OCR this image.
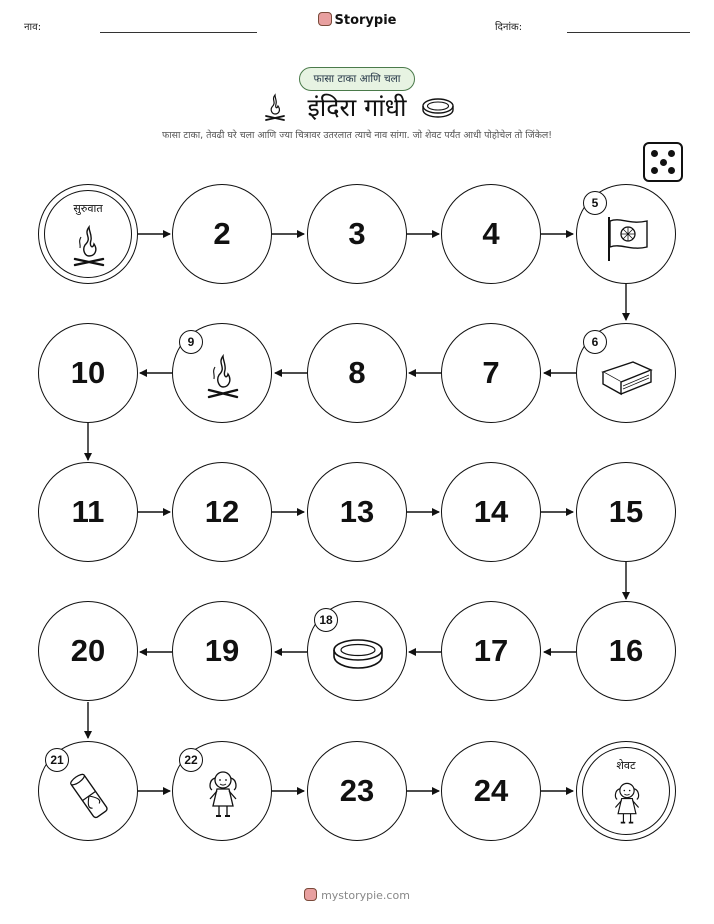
नाव:	Storypie	दिनांक:
फासा टाका आणि चला
इंदिरा गांधी
फासा टाका, तेवढी घरे चला आणि ज्या चित्रावर उतरलात त्याचे नाव सांगा. जो शेवट पर्यंत आधी पोहोचेल तो जिंकेल!
सुरुवात
2	3	4
5
10
9
8	7
6
11	12	13	14	15
20	19
18
17	16
21	22
23	24
शेवट
mystorypie.com
